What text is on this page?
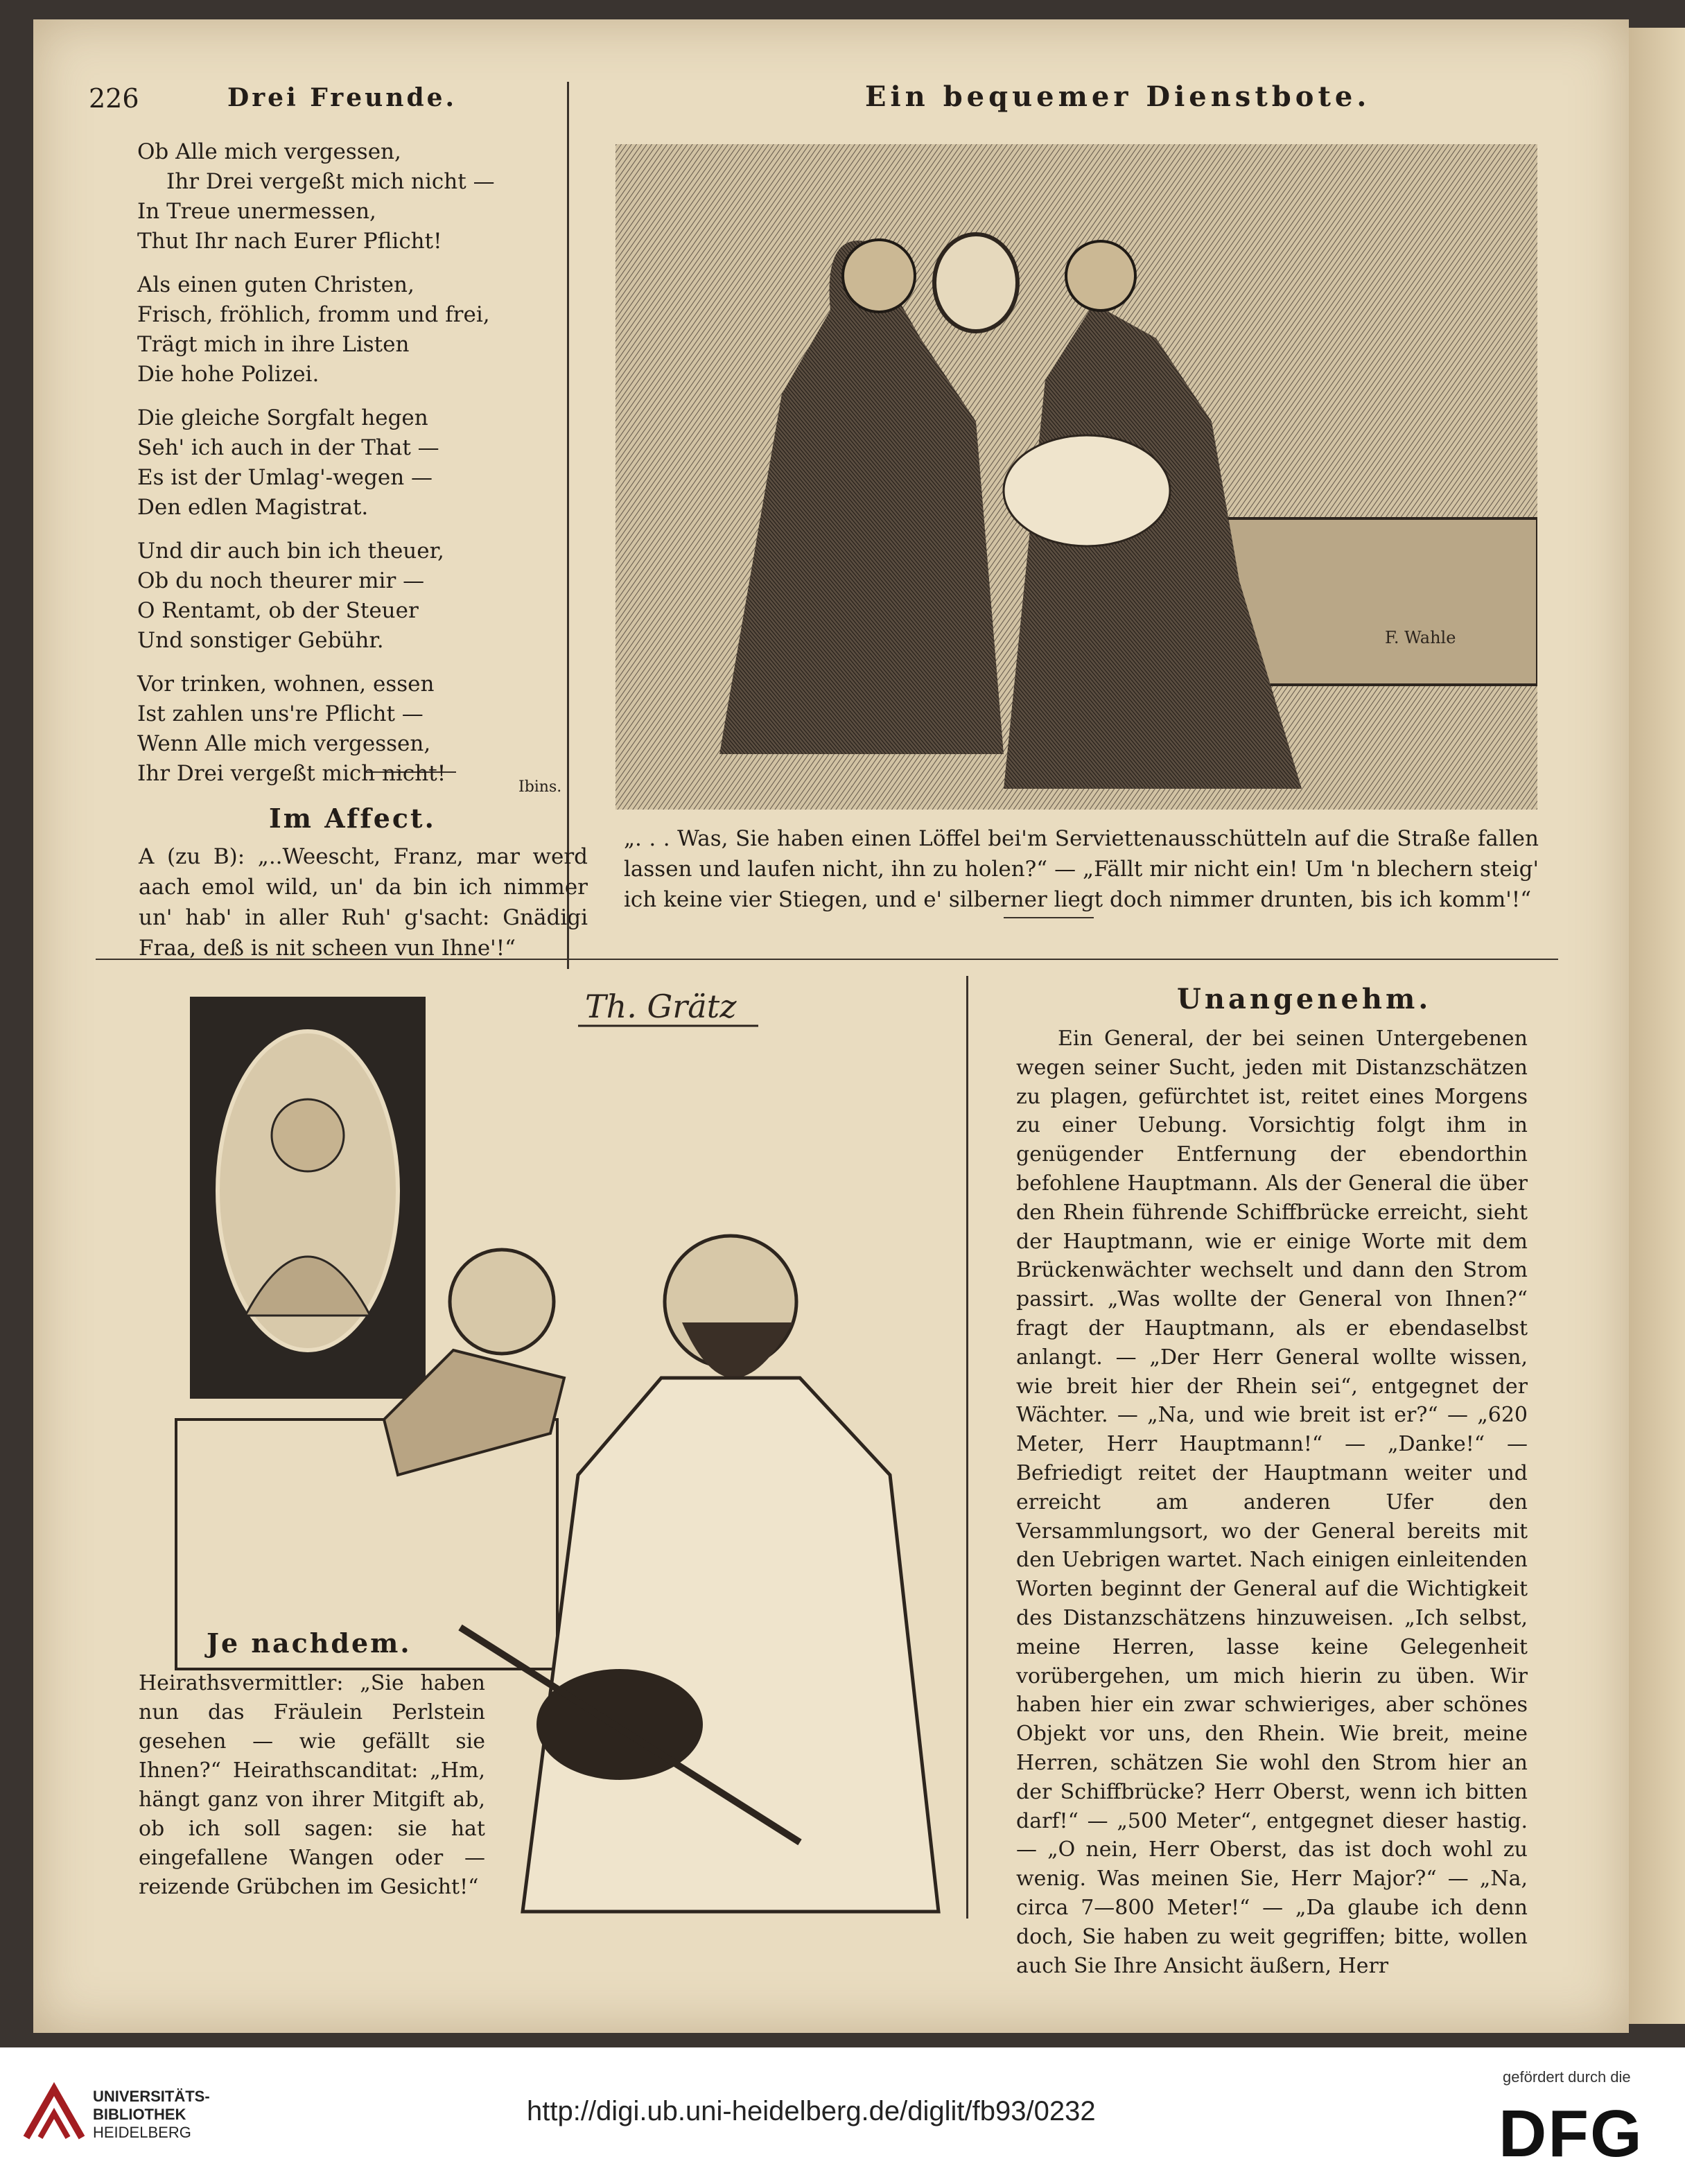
226	Drei Freunde.
Ob Alle mich vergessen,
Ihr Drei vergeßt mich nicht —
In Treue unermessen,
Thut Ihr nach Eurer Pflicht!
Als einen guten Christen,
Frisch, fröhlich, fromm und frei,
Trägt mich in ihre Listen
Die hohe Polizei.
Die gleiche Sorgfalt hegen
Seh' ich auch in der That —
Es ist der Umlag'-wegen —
Den edlen Magistrat.
Und dir auch bin ich theuer,
Ob du noch theurer mir —
O Rentamt, ob der Steuer
Und sonstiger Gebühr.
Vor trinken, wohnen, essen
Ist zahlen uns're Pflicht —
Wenn Alle mich vergessen,
Ihr Drei vergeßt mich nicht!
Ibins.
Im Affect.
A (zu B): „..Weescht, Franz, mar werd aach emol wild, un' da bin ich nimmer un' hab' in aller Ruh' g'sacht: Gnädigi Fraa, deß is nit scheen vun Ihne'!“
Ein bequemer Dienstbote.
F. Wahle
„. . . Was, Sie haben einen Löffel bei'm Serviettenausschütteln auf die Straße fallen lassen und laufen nicht, ihn zu holen?“ — „Fällt mir nicht ein! Um 'n blechern steig' ich keine vier Stiegen, und e' silberner liegt doch nimmer drunten, bis ich komm'!“
Th. Grätz
Je nachdem.
Heirathsvermittler: „Sie haben nun das Fräulein Perlstein gesehen — wie gefällt sie Ihnen?“ Heirathscanditat: „Hm, hängt ganz von ihrer Mitgift ab, ob ich soll sagen: sie hat eingefallene Wangen oder — reizende Grübchen im Gesicht!“
Unangenehm.

Ein General, der bei seinen Untergebenen wegen seiner Sucht, jeden mit Distanzschätzen zu plagen, gefürchtet ist, reitet eines Morgens zu einer Uebung. Vorsichtig folgt ihm in genügender Entfernung der ebendorthin befohlene Hauptmann. Als der General die über den Rhein führende Schiffbrücke erreicht, sieht der Hauptmann, wie er einige Worte mit dem Brückenwächter wechselt und dann den Strom passirt. „Was wollte der General von Ihnen?“ fragt der Hauptmann, als er ebendaselbst anlangt. — „Der Herr General wollte wissen, wie breit hier der Rhein sei“, entgegnet der Wächter. — „Na, und wie breit ist er?“ — „620 Meter, Herr Hauptmann!“ — „Danke!“ — Befriedigt reitet der Hauptmann weiter und erreicht am anderen Ufer den Versammlungsort, wo der General bereits mit den Uebrigen wartet. Nach einigen einleitenden Worten beginnt der General auf die Wichtigkeit des Distanzschätzens hinzuweisen. „Ich selbst, meine Herren, lasse keine Gelegenheit vorübergehen, um mich hierin zu üben. Wir haben hier ein zwar schwieriges, aber schönes Objekt vor uns, den Rhein. Wie breit, meine Herren, schätzen Sie wohl den Strom hier an der Schiffbrücke? Herr Oberst, wenn ich bitten darf!“ — „500 Meter“, entgegnet dieser hastig. — „O nein, Herr Oberst, das ist doch wohl zu wenig. Was meinen Sie, Herr Major?“ — „Na, circa 7—800 Meter!“ — „Da glaube ich denn doch, Sie haben zu weit gegriffen; bitte, wollen auch Sie Ihre Ansicht äußern, Herr

UNIVERSITÄTS-
BIBLIOTHEK
HEIDELBERG
http://digi.ub.uni-heidelberg.de/diglit/fb93/0232
gefördert durch die
DFG
